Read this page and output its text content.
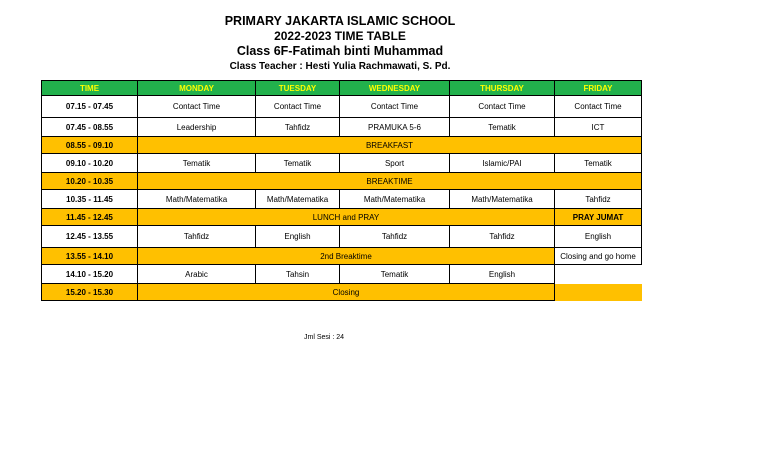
PRIMARY JAKARTA ISLAMIC SCHOOL
2022-2023 TIME TABLE
Class 6F-Fatimah binti Muhammad
Class Teacher : Hesti Yulia Rachmawati, S. Pd.
TIME	MONDAY	TUESDAY	WEDNESDAY	THURSDAY	FRIDAY
07.15 - 07.45	Contact Time	Contact Time	Contact Time	Contact Time	Contact Time
07.45 - 08.55	Leadership	Tahfidz	PRAMUKA 5-6	Tematik	ICT
08.55 - 09.10	BREAKFAST				
09.10 - 10.20	Tematik	Tematik	Sport	Islamic/PAI	Tematik
10.20 - 10.35	BREAKTIME				
10.35 - 11.45	Math/Matematika	Math/Matematika	Math/Matematika	Math/Matematika	Tahfidz
11.45 - 12.45	LUNCH and PRAY				PRAY JUMAT
12.45 - 13.55	Tahfidz	English	Tahfidz	Tahfidz	English
13.55 - 14.10	2nd Breaktime				Closing and go home
14.10 - 15.20	Arabic	Tahsin	Tematik	English	
15.20 - 15.30	Closing				
Jml Sesi : 24
